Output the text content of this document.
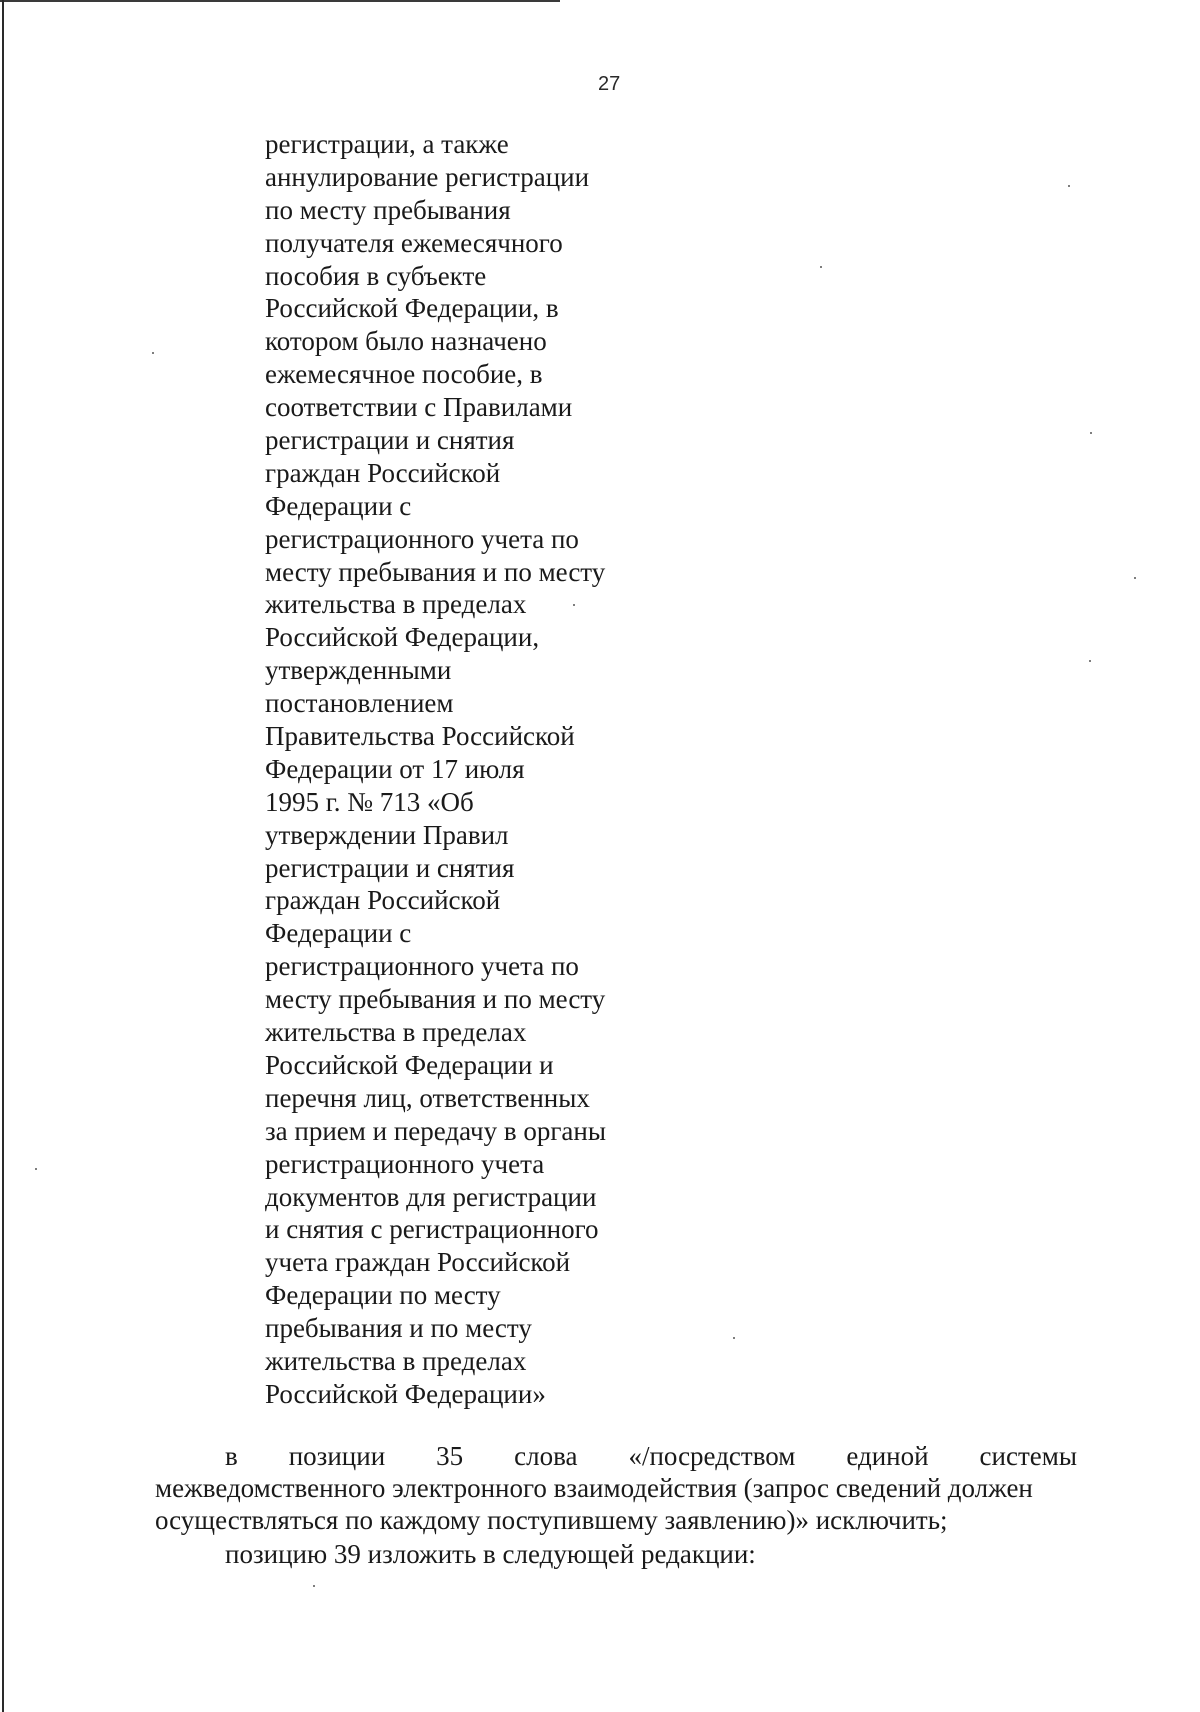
27
регистрации, а также
аннулирование регистрации
по месту пребывания
получателя ежемесячного
пособия в субъекте
Российской Федерации, в
котором было назначено
ежемесячное пособие, в
соответствии с Правилами
регистрации и снятия
граждан Российской
Федерации с
регистрационного учета по
месту пребывания и по месту
жительства в пределах
Российской Федерации,
утвержденными
постановлением
Правительства Российской
Федерации от 17 июля
1995 г. № 713 «Об
утверждении Правил
регистрации и снятия
граждан Российской
Федерации с
регистрационного учета по
месту пребывания и по месту
жительства в пределах
Российской Федерации и
перечня лиц, ответственных
за прием и передачу в органы
регистрационного учета
документов для регистрации
и снятия с регистрационного
учета граждан Российской
Федерации по месту
пребывания и по месту
жительства в пределах
Российской Федерации»
в позиции 35 слова «/посредством единой системы
межведомственного электронного взаимодействия (запрос сведений должен
осуществляться по каждому поступившему заявлению)» исключить;
позицию 39 изложить в следующей редакции:
